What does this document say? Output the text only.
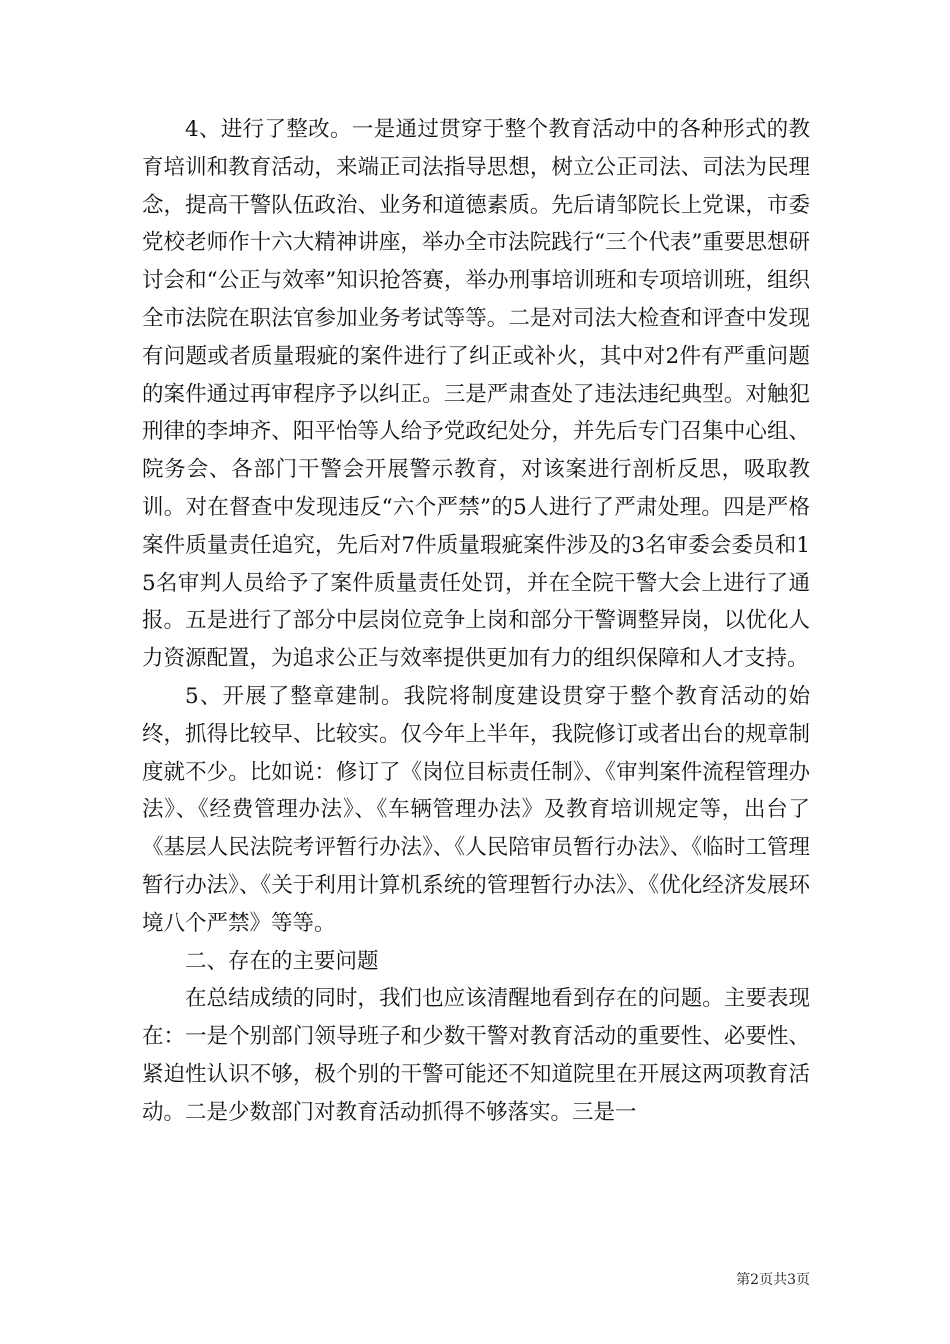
4、进行了整改。一是通过贯穿于整个教育活动中的各种形式的教育培训和教育活动，来端正司法指导思想，树立公正司法、司法为民理念，提高干警队伍政治、业务和道德素质。先后请邹院长上党课，市委党校老师作十六大精神讲座，举办全市法院践行“三个代表”重要思想研讨会和“公正与效率”知识抢答赛，举办刑事培训班和专项培训班，组织全市法院在职法官参加业务考试等等。二是对司法大检查和评查中发现有问题或者质量瑕疵的案件进行了纠正或补火，其中对2件有严重问题的案件通过再审程序予以纠正。三是严肃查处了违法违纪典型。对触犯刑律的李坤齐、阳平怡等人给予党政纪处分，并先后专门召集中心组、院务会、各部门干警会开展警示教育，对该案进行剖析反思，吸取教训。对在督查中发现违反“六个严禁”的5人进行了严肃处理。四是严格案件质量责任追究，先后对7件质量瑕疵案件涉及的3名审委会委员和15名审判人员给予了案件质量责任处罚，并在全院干警大会上进行了通报。五是进行了部分中层岗位竞争上岗和部分干警调整异岗，以优化人力资源配置，为追求公正与效率提供更加有力的组织保障和人才支持。

5、开展了整章建制。我院将制度建设贯穿于整个教育活动的始终，抓得比较早、比较实。仅今年上半年，我院修订或者出台的规章制度就不少。比如说：修订了《岗位目标责任制》、《审判案件流程管理办法》、《经费管理办法》、《车辆管理办法》及教育培训规定等，出台了《基层人民法院考评暂行办法》、《人民陪审员暂行办法》、《临时工管理暂行办法》、《关于利用计算机系统的管理暂行办法》、《优化经济发展环境八个严禁》等等。

二、存在的主要问题

在总结成绩的同时，我们也应该清醒地看到存在的问题。主要表现在：一是个别部门领导班子和少数干警对教育活动的重要性、必要性、紧迫性认识不够，极个别的干警可能还不知道院里在开展这两项教育活动。二是少数部门对教育活动抓得不够落实。三是一

第2页共3页
